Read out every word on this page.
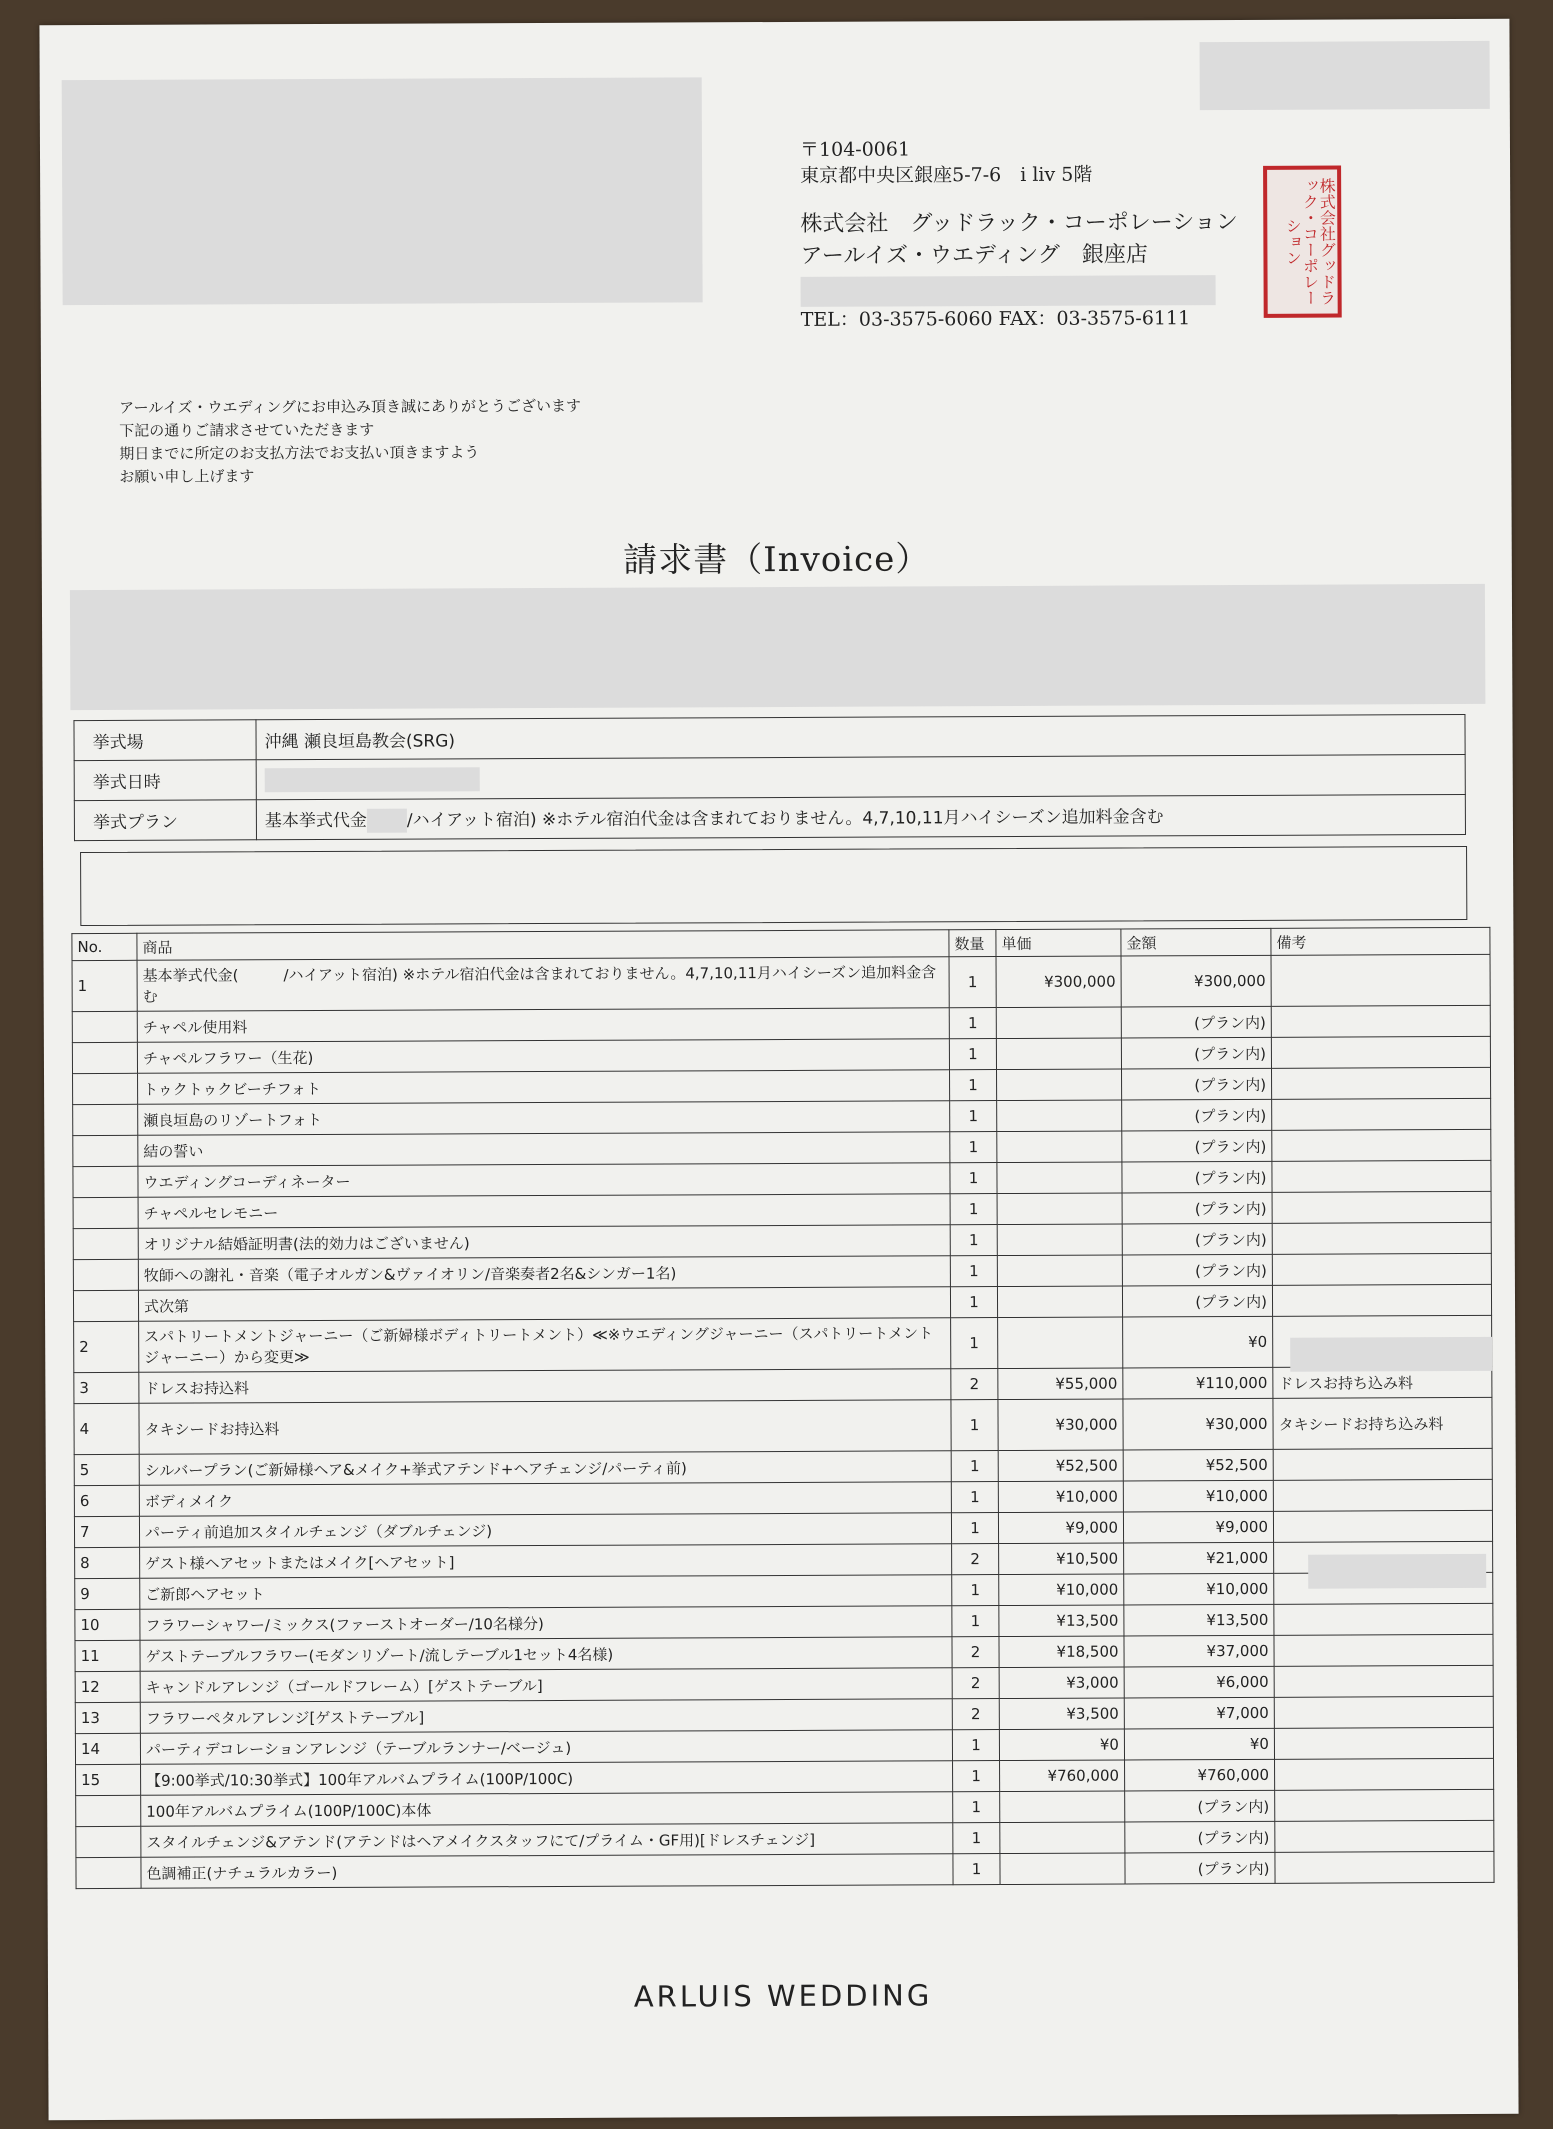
〒104-0061
東京都中央区銀座5-7-6　i liv 5階
株式会社　グッドラック・コーポレーション
アールイズ・ウエディング　銀座店
TEL：03-3575-6060 FAX：03-3575-6111
株式会社グッドラック・コーポレーション
アールイズ・ウエディングにお申込み頂き誠にありがとうございます
下記の通りご請求させていただきます
期日までに所定のお支払方法でお支払い頂きますよう
お願い申し上げます
請求書（Invoice）
挙式場	沖縄 瀬良垣島教会(SRG)
挙式日時	
挙式プラン	基本挙式代金 /ハイアット宿泊) ※ホテル宿泊代金は含まれておりません。4,7,10,11月ハイシーズン追加料金含む
No.	商品	数量	単価	金額	備考
1	基本挙式代金(　　　/ハイアット宿泊) ※ホテル宿泊代金は含まれておりません。4,7,10,11月ハイシーズン追加料金含む	1	¥300,000	¥300,000	
	チャペル使用料	1		(プラン内)	
	チャペルフラワー（生花)	1		(プラン内)	
	トゥクトゥクビーチフォト	1		(プラン内)	
	瀬良垣島のリゾートフォト	1		(プラン内)	
	結の誓い	1		(プラン内)	
	ウエディングコーディネーター	1		(プラン内)	
	チャペルセレモニー	1		(プラン内)	
	オリジナル結婚証明書(法的効力はございません)	1		(プラン内)	
	牧師への謝礼・音楽（電子オルガン&ヴァイオリン/音楽奏者2名&シンガー1名)	1		(プラン内)	
	式次第	1		(プラン内)	
2	スパトリートメントジャーニー（ご新婦様ボディトリートメント）≪※ウエディングジャーニー（スパトリートメントジャーニー）から変更≫	1		¥0	
3	ドレスお持込料	2	¥55,000	¥110,000	ドレスお持ち込み料
4	タキシードお持込料	1	¥30,000	¥30,000	タキシードお持ち込み料
5	シルバープラン(ご新婦様ヘア&メイク+挙式アテンド+ヘアチェンジ/パーティ前)	1	¥52,500	¥52,500	
6	ボディメイク	1	¥10,000	¥10,000	
7	パーティ前追加スタイルチェンジ（ダブルチェンジ)	1	¥9,000	¥9,000	
8	ゲスト様ヘアセットまたはメイク[ヘアセット]	2	¥10,500	¥21,000	
9	ご新郎ヘアセット	1	¥10,000	¥10,000	
10	フラワーシャワー/ミックス(ファーストオーダー/10名様分)	1	¥13,500	¥13,500	
11	ゲストテーブルフラワー(モダンリゾート/流しテーブル1セット4名様)	2	¥18,500	¥37,000	
12	キャンドルアレンジ（ゴールドフレーム）[ゲストテーブル]	2	¥3,000	¥6,000	
13	フラワーペタルアレンジ[ゲストテーブル]	2	¥3,500	¥7,000	
14	パーティデコレーションアレンジ（テーブルランナー/ベージュ)	1	¥0	¥0	
15	【9:00挙式/10:30挙式】100年アルバムプライム(100P/100C)	1	¥760,000	¥760,000	
	100年アルバムプライム(100P/100C)本体	1		(プラン内)	
	スタイルチェンジ&アテンド(アテンドはヘアメイクスタッフにて/プライム・GF用)[ドレスチェンジ]	1		(プラン内)	
	色調補正(ナチュラルカラー)	1		(プラン内)	
ARLUIS WEDDING
